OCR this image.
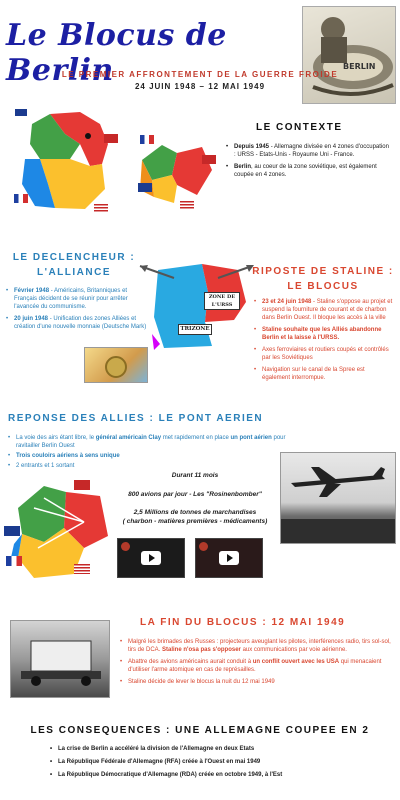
Le Blocus de Berlin	BERLIN
LE PREMIER AFFRONTEMENT DE LA GUERRE FROIDE
24 JUIN 1948 – 12 MAI 1949
LE CONTEXTE
• Depuis 1945 - Allemagne divisée en 4 zones d'occupation : URSS - Etats-Unis - Royaume Uni - France.
• Berlin, au coeur de la zone soviétique, est également coupée en 4 zones.
LE DECLENCHEUR : L'ALLIANCE
• Février 1948 - Américains, Britanniques et Français décident de se réunir pour arrêter l'avancée du communisme.
• 20 juin 1948 - Unification des zones Alliées et création d'une nouvelle monnaie (Deutsche Mark)
ZONE DE L'URSS
TRIZONE
RIPOSTE DE STALINE : LE BLOCUS
• 23 et 24 juin 1948 - Staline s'oppose au projet et suspend la fourniture de courant et de charbon dans Berlin Ouest. Il bloque les accès à la ville
• Staline souhaite que les Alliés abandonne Berlin et la laisse à l'URSS.
• Axes ferroviaires et routiers coupés et contrôlés par les Soviétiques
• Navigation sur le canal de la Spree est également interrompue.
REPONSE DES ALLIES : LE PONT AERIEN
• La voie des airs étant libre, le général américain Clay met rapidement en place un pont aérien pour ravitailler Berlin Ouest
• Trois couloirs aériens à sens unique
• 2 entrants et 1 sortant
Durant 11 mois
800 avions par jour - Les "Rosinenbomber"
2,5 Millions de tonnes de marchandises
( charbon - matières premières - médicaments)
LA FIN DU BLOCUS : 12 MAI 1949
• Malgré les brimades des Russes : projecteurs aveuglant les pilotes, interférences radio, tirs sol-sol, tirs de DCA. Staline n'osa pas s'opposer aux communications par voie aérienne.
• Abattre des avions américains aurait conduit à un conflit ouvert avec les USA qui menacaient d'utiliser l'arme atomique en cas de représailles.
• Staline décide de lever le blocus la nuit du 12 mai 1949
LES CONSEQUENCES : UNE ALLEMAGNE COUPEE EN 2
• La crise de Berlin a accéléré la division de l'Allemagne en deux Etats
• La République Fédérale d'Allemagne (RFA) créée à l'Ouest en mai 1949
• La République Démocratique d'Allemagne (RDA) créée en octobre 1949, à l'Est
